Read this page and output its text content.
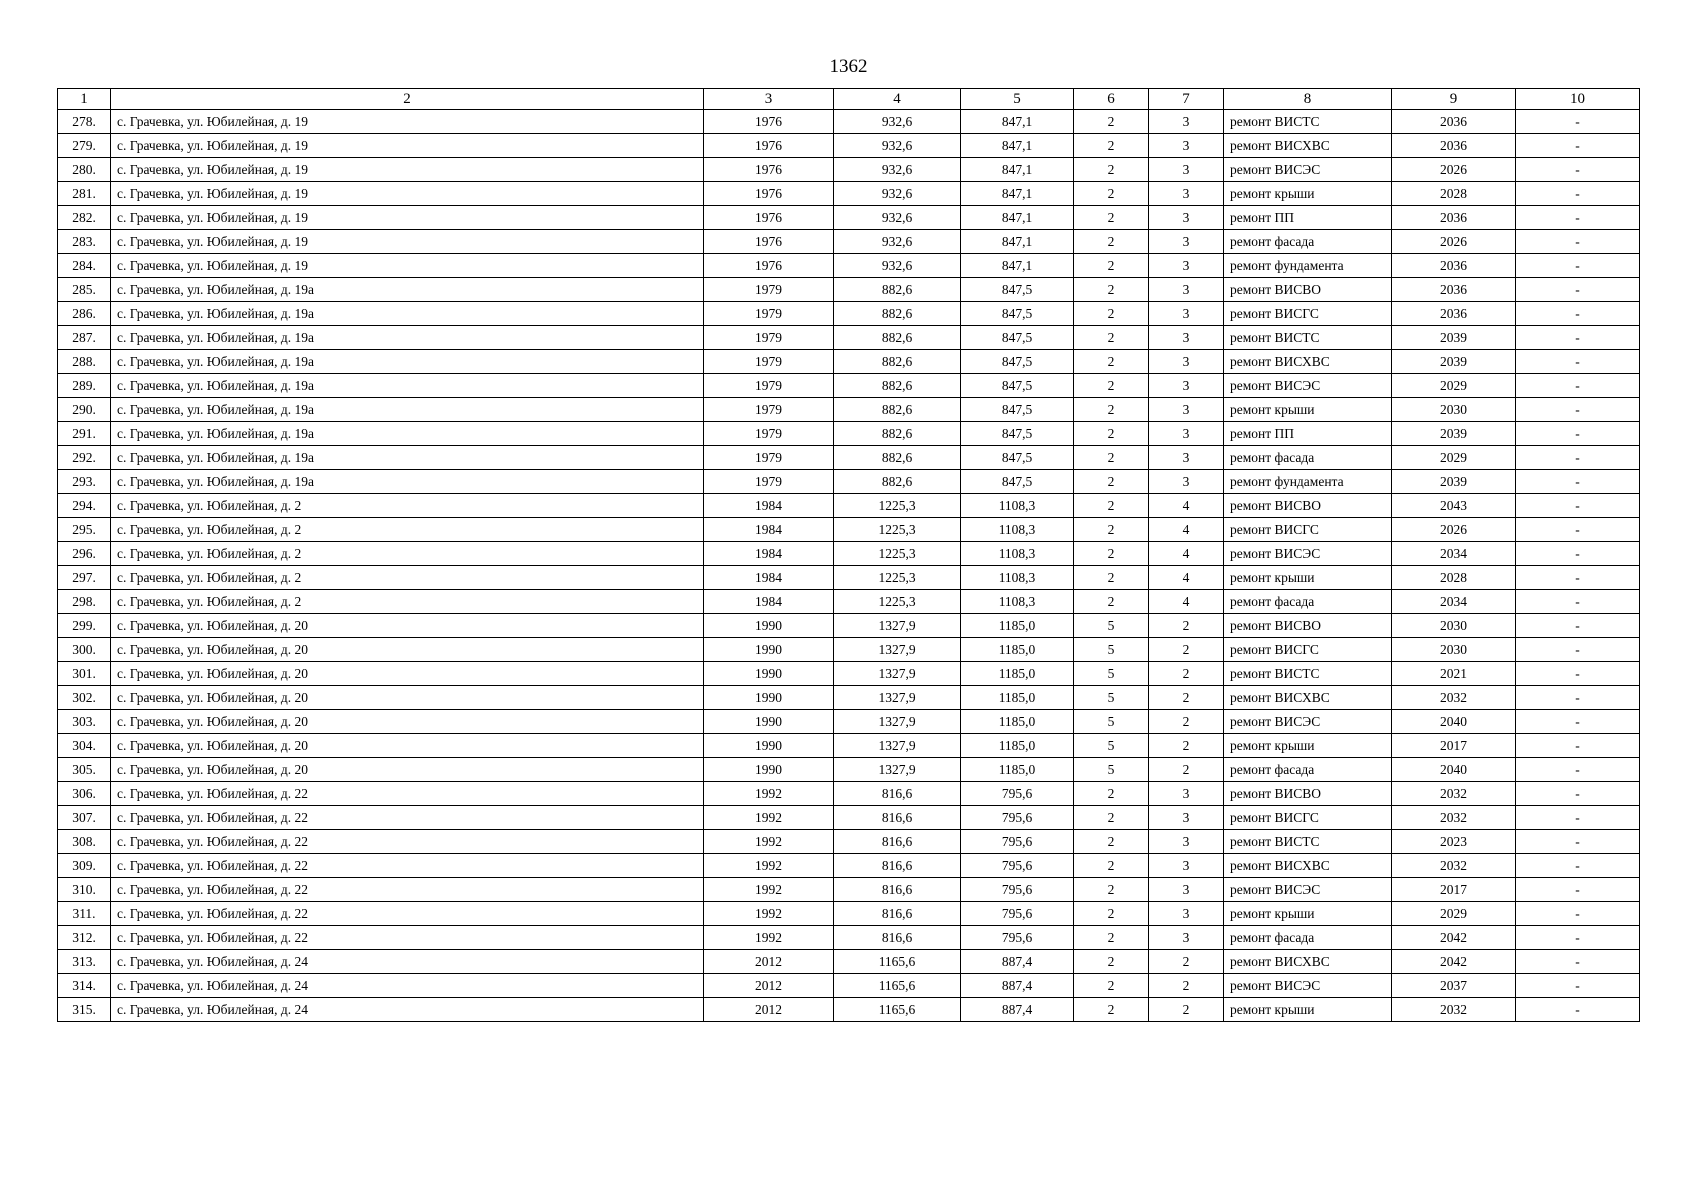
1362
1	2	3	4	5	6	7	8	9	10
278.	с. Грачевка, ул. Юбилейная, д. 19	1976	932,6	847,1	2	3	ремонт ВИСТС	2036	-
279.	с. Грачевка, ул. Юбилейная, д. 19	1976	932,6	847,1	2	3	ремонт ВИСХВС	2036	-
280.	с. Грачевка, ул. Юбилейная, д. 19	1976	932,6	847,1	2	3	ремонт ВИСЭС	2026	-
281.	с. Грачевка, ул. Юбилейная, д. 19	1976	932,6	847,1	2	3	ремонт крыши	2028	-
282.	с. Грачевка, ул. Юбилейная, д. 19	1976	932,6	847,1	2	3	ремонт ПП	2036	-
283.	с. Грачевка, ул. Юбилейная, д. 19	1976	932,6	847,1	2	3	ремонт фасада	2026	-
284.	с. Грачевка, ул. Юбилейная, д. 19	1976	932,6	847,1	2	3	ремонт фундамента	2036	-
285.	с. Грачевка, ул. Юбилейная, д. 19а	1979	882,6	847,5	2	3	ремонт ВИСВО	2036	-
286.	с. Грачевка, ул. Юбилейная, д. 19а	1979	882,6	847,5	2	3	ремонт ВИСГС	2036	-
287.	с. Грачевка, ул. Юбилейная, д. 19а	1979	882,6	847,5	2	3	ремонт ВИСТС	2039	-
288.	с. Грачевка, ул. Юбилейная, д. 19а	1979	882,6	847,5	2	3	ремонт ВИСХВС	2039	-
289.	с. Грачевка, ул. Юбилейная, д. 19а	1979	882,6	847,5	2	3	ремонт ВИСЭС	2029	-
290.	с. Грачевка, ул. Юбилейная, д. 19а	1979	882,6	847,5	2	3	ремонт крыши	2030	-
291.	с. Грачевка, ул. Юбилейная, д. 19а	1979	882,6	847,5	2	3	ремонт ПП	2039	-
292.	с. Грачевка, ул. Юбилейная, д. 19а	1979	882,6	847,5	2	3	ремонт фасада	2029	-
293.	с. Грачевка, ул. Юбилейная, д. 19а	1979	882,6	847,5	2	3	ремонт фундамента	2039	-
294.	с. Грачевка, ул. Юбилейная, д. 2	1984	1225,3	1108,3	2	4	ремонт ВИСВО	2043	-
295.	с. Грачевка, ул. Юбилейная, д. 2	1984	1225,3	1108,3	2	4	ремонт ВИСГС	2026	-
296.	с. Грачевка, ул. Юбилейная, д. 2	1984	1225,3	1108,3	2	4	ремонт ВИСЭС	2034	-
297.	с. Грачевка, ул. Юбилейная, д. 2	1984	1225,3	1108,3	2	4	ремонт крыши	2028	-
298.	с. Грачевка, ул. Юбилейная, д. 2	1984	1225,3	1108,3	2	4	ремонт фасада	2034	-
299.	с. Грачевка, ул. Юбилейная, д. 20	1990	1327,9	1185,0	5	2	ремонт ВИСВО	2030	-
300.	с. Грачевка, ул. Юбилейная, д. 20	1990	1327,9	1185,0	5	2	ремонт ВИСГС	2030	-
301.	с. Грачевка, ул. Юбилейная, д. 20	1990	1327,9	1185,0	5	2	ремонт ВИСТС	2021	-
302.	с. Грачевка, ул. Юбилейная, д. 20	1990	1327,9	1185,0	5	2	ремонт ВИСХВС	2032	-
303.	с. Грачевка, ул. Юбилейная, д. 20	1990	1327,9	1185,0	5	2	ремонт ВИСЭС	2040	-
304.	с. Грачевка, ул. Юбилейная, д. 20	1990	1327,9	1185,0	5	2	ремонт крыши	2017	-
305.	с. Грачевка, ул. Юбилейная, д. 20	1990	1327,9	1185,0	5	2	ремонт фасада	2040	-
306.	с. Грачевка, ул. Юбилейная, д. 22	1992	816,6	795,6	2	3	ремонт ВИСВО	2032	-
307.	с. Грачевка, ул. Юбилейная, д. 22	1992	816,6	795,6	2	3	ремонт ВИСГС	2032	-
308.	с. Грачевка, ул. Юбилейная, д. 22	1992	816,6	795,6	2	3	ремонт ВИСТС	2023	-
309.	с. Грачевка, ул. Юбилейная, д. 22	1992	816,6	795,6	2	3	ремонт ВИСХВС	2032	-
310.	с. Грачевка, ул. Юбилейная, д. 22	1992	816,6	795,6	2	3	ремонт ВИСЭС	2017	-
311.	с. Грачевка, ул. Юбилейная, д. 22	1992	816,6	795,6	2	3	ремонт крыши	2029	-
312.	с. Грачевка, ул. Юбилейная, д. 22	1992	816,6	795,6	2	3	ремонт фасада	2042	-
313.	с. Грачевка, ул. Юбилейная, д. 24	2012	1165,6	887,4	2	2	ремонт ВИСХВС	2042	-
314.	с. Грачевка, ул. Юбилейная, д. 24	2012	1165,6	887,4	2	2	ремонт ВИСЭС	2037	-
315.	с. Грачевка, ул. Юбилейная, д. 24	2012	1165,6	887,4	2	2	ремонт крыши	2032	-
